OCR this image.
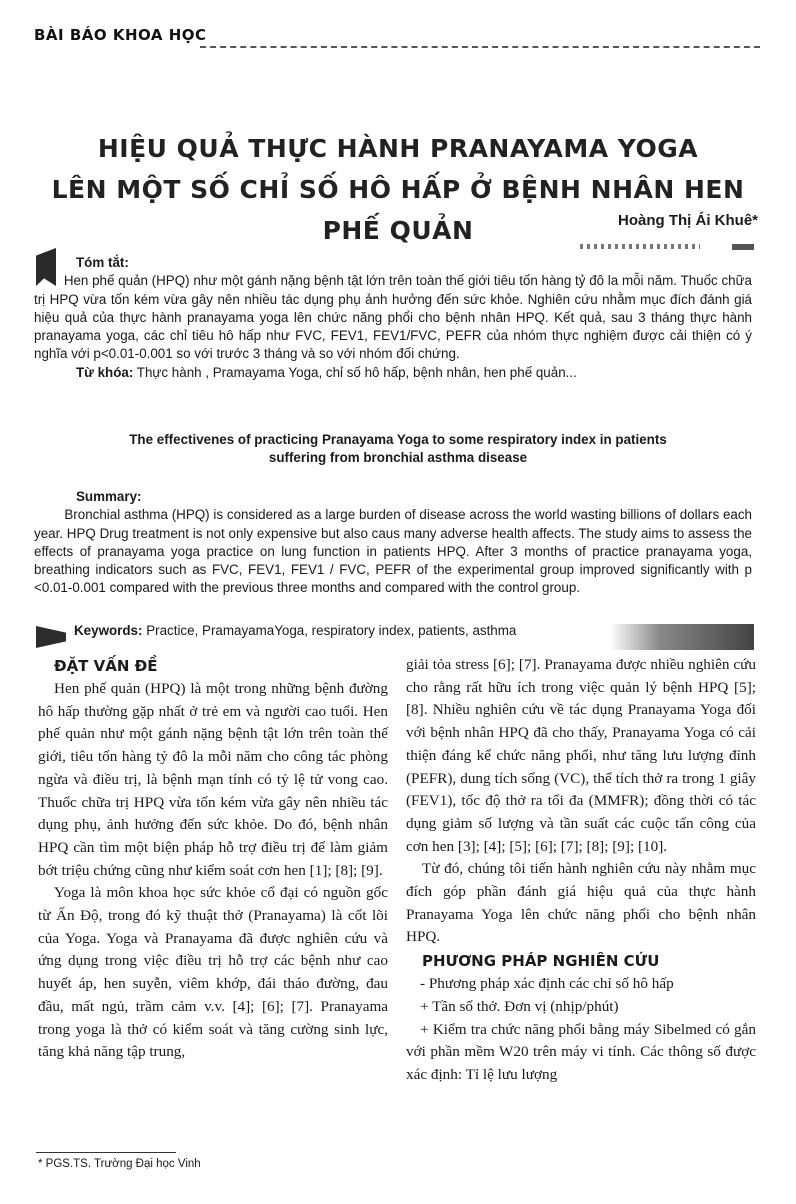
BÀI BÁO KHOA HỌC
HIỆU QUẢ THỰC HÀNH PRANAYAMA YOGA
LÊN MỘT SỐ CHỈ SỐ HÔ HẤP Ở BỆNH NHÂN HEN PHẾ QUẢN	Hoàng Thị Ái Khuê*
Tóm tắt:
Hen phế quản (HPQ) như một gánh nặng bệnh tật lớn trên toàn thế giới tiêu tốn hàng tỷ đô la mỗi năm. Thuốc chữa trị HPQ vừa tốn kém vừa gây nên nhiều tác dụng phụ ảnh hưởng đến sức khỏe. Nghiên cứu nhằm mục đích đánh giá hiệu quả của thực hành pranayama yoga lên chức năng phổi cho bệnh nhân HPQ. Kết quả, sau 3 tháng thực hành pranayama yoga, các chỉ tiêu hô hấp như FVC, FEV1, FEV1/FVC, PEFR của nhóm thực nghiệm được cải thiện có ý nghĩa với p<0.01-0.001 so với trước 3 tháng và so với nhóm đối chứng.
Từ khóa: Thực hành , Pramayama Yoga, chỉ số hô hấp, bệnh nhân, hen phế quản...
The effectivenes of practicing Pranayama Yoga to some respiratory index in patients
suffering from bronchial asthma disease
Summary:
Bronchial asthma (HPQ) is considered as a large burden of disease across the world wasting billions of dollars each year. HPQ Drug treatment is not only expensive but also caus many adverse health affects. The study aims to assess the effects of pranayama yoga practice on lung function in patients HPQ. After 3 months of practice pranayama yoga, breathing indicators such as FVC, FEV1, FEV1 / FVC, PEFR of the experimental group improved significantly with p <0.01-0.001 compared with the previous three months and compared with the control group.
Keywords: Practice, PramayamaYoga, respiratory index, patients, asthma

ĐẶT VẤN ĐỀ

Hen phế quản (HPQ) là một trong những bệnh đường hô hấp thường gặp nhất ở trẻ em và người cao tuổi. Hen phế quản như một gánh nặng bệnh tật lớn trên toàn thế giới, tiêu tốn hàng tỷ đô la mỗi năm cho công tác phòng ngừa và điều trị, là bệnh mạn tính có tỷ lệ tử vong cao. Thuốc chữa trị HPQ vừa tốn kém vừa gây nên nhiều tác dụng phụ, ảnh hưởng đến sức khỏe. Do đó, bệnh nhân HPQ cần tìm một biện pháp hỗ trợ điều trị để làm giảm bớt triệu chứng cũng như kiểm soát cơn hen [1]; [8]; [9].

Yoga là môn khoa học sức khỏe cổ đại có nguồn gốc từ Ấn Độ, trong đó kỹ thuật thở (Pranayama) là cốt lõi của Yoga. Yoga và Pranayama đã được nghiên cứu và ứng dụng trong việc điều trị hỗ trợ các bệnh như cao huyết áp, hen suyễn, viêm khớp, đái tháo đường, đau đầu, mất ngủ, trầm cảm v.v. [4]; [6]; [7]. Pranayama trong yoga là thở có kiểm soát và tăng cường sinh lực, tăng khả năng tập trung,

giải tỏa stress [6]; [7]. Pranayama được nhiều nghiên cứu cho rằng rất hữu ích trong việc quản lý bệnh HPQ [5]; [8]. Nhiều nghiên cứu về tác dụng Pranayama Yoga đối với bệnh nhân HPQ đã cho thấy, Pranayama Yoga có cải thiện đáng kể chức năng phổi, như tăng lưu lượng đỉnh (PEFR), dung tích sống (VC), thể tích thở ra trong 1 giây (FEV1), tốc độ thở ra tối đa (MMFR); đồng thời có tác dụng giảm số lượng và tần suất các cuộc tấn công của cơn hen [3]; [4]; [5]; [6]; [7]; [8]; [9]; [10].

Từ đó, chúng tôi tiến hành nghiên cứu này nhằm mục đích góp phần đánh giá hiệu quả của thực hành Pranayama Yoga lên chức năng phổi cho bệnh nhân HPQ.

PHƯƠNG PHÁP NGHIÊN CỨU

- Phương pháp xác định các chỉ số hô hấp

+ Tần số thở. Đơn vị (nhịp/phút)

+ Kiểm tra chức năng phổi bằng máy Sibelmed có gắn với phần mềm W20 trên máy vi tính. Các thông số được xác định: Tỉ lệ lưu lượng

* PGS.TS. Trường Đại học Vinh
